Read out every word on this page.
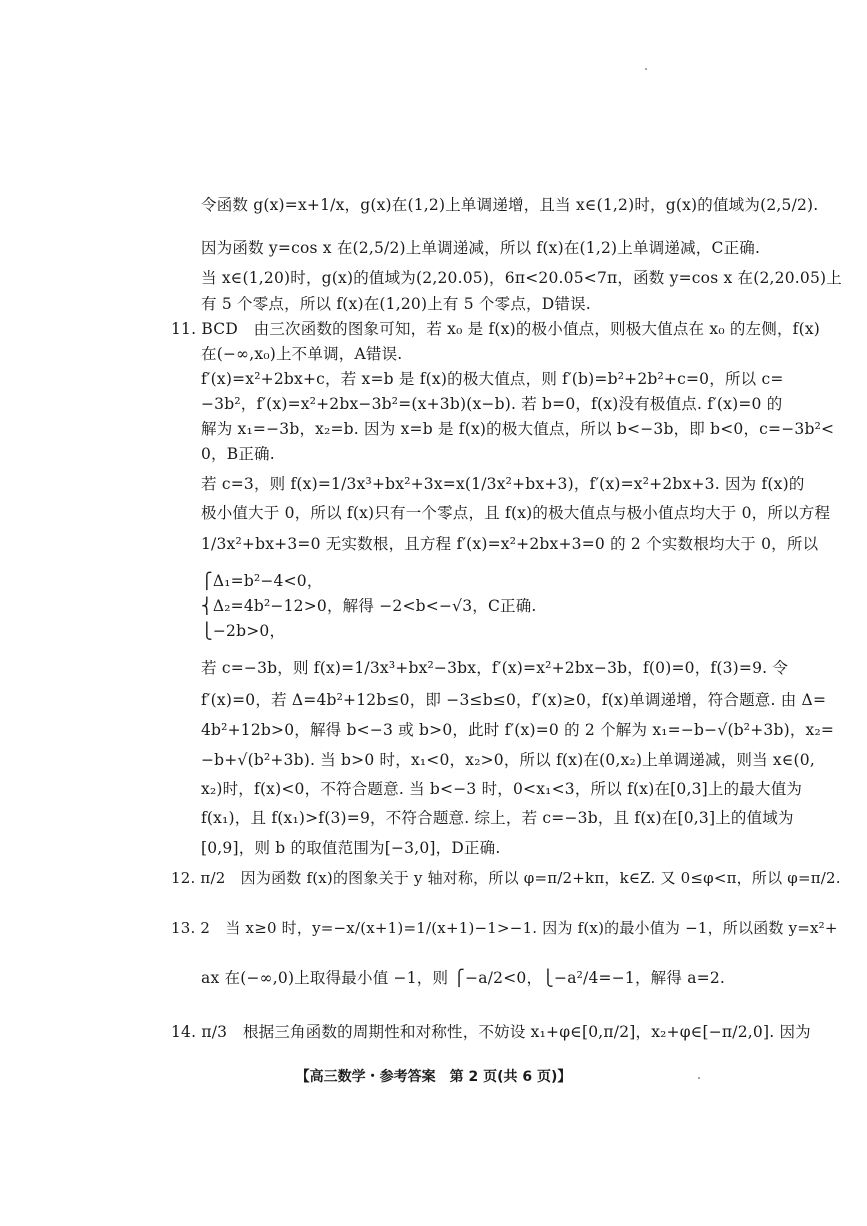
令函数 g(x)=x+1/x，g(x)在(1,2)上单调递增，且当 x∈(1,2)时，g(x)的值域为(2,5/2).
因为函数 y=cos x 在(2,5/2)上单调递减，所以 f(x)在(1,2)上单调递减，C正确.
当 x∈(1,20)时，g(x)的值域为(2,20.05)，6π<20.05<7π，函数 y=cos x 在(2,20.05)上
有 5 个零点，所以 f(x)在(1,20)上有 5 个零点，D错误.
11. BCD　由三次函数的图象可知，若 x₀ 是 f(x)的极小值点，则极大值点在 x₀ 的左侧，f(x)
在(−∞,x₀)上不单调，A错误.
f′(x)=x²+2bx+c，若 x=b 是 f(x)的极大值点，则 f′(b)=b²+2b²+c=0，所以 c=
−3b²，f′(x)=x²+2bx−3b²=(x+3b)(x−b). 若 b=0，f(x)没有极值点. f′(x)=0 的
解为 x₁=−3b，x₂=b. 因为 x=b 是 f(x)的极大值点，所以 b<−3b，即 b<0，c=−3b²<
0，B正确.
若 c=3，则 f(x)=1/3x³+bx²+3x=x(1/3x²+bx+3)，f′(x)=x²+2bx+3. 因为 f(x)的
极小值大于 0，所以 f(x)只有一个零点，且 f(x)的极大值点与极小值点均大于 0，所以方程
1/3x²+bx+3=0 无实数根，且方程 f′(x)=x²+2bx+3=0 的 2 个实数根均大于 0，所以
⎧Δ₁=b²−4<0，
⎨Δ₂=4b²−12>0，解得 −2<b<−√3，C正确.
⎩−2b>0，
若 c=−3b，则 f(x)=1/3x³+bx²−3bx，f′(x)=x²+2bx−3b，f(0)=0，f(3)=9. 令
f′(x)=0，若 Δ=4b²+12b≤0，即 −3≤b≤0，f′(x)≥0，f(x)单调递增，符合题意. 由 Δ=
4b²+12b>0，解得 b<−3 或 b>0，此时 f′(x)=0 的 2 个解为 x₁=−b−√(b²+3b)，x₂=
−b+√(b²+3b). 当 b>0 时，x₁<0，x₂>0，所以 f(x)在(0,x₂)上单调递减，则当 x∈(0,
x₂)时，f(x)<0，不符合题意. 当 b<−3 时，0<x₁<3，所以 f(x)在[0,3]上的最大值为
f(x₁)，且 f(x₁)>f(3)=9，不符合题意. 综上，若 c=−3b，且 f(x)在[0,3]上的值域为
[0,9]，则 b 的取值范围为[−3,0]，D正确.
12. π/2　因为函数 f(x)的图象关于 y 轴对称，所以 φ=π/2+kπ，k∈Z. 又 0≤φ<π，所以 φ=π/2.
13. 2　当 x≥0 时，y=−x/(x+1)=1/(x+1)−1>−1. 因为 f(x)的最小值为 −1，所以函数 y=x²+
ax 在(−∞,0)上取得最小值 −1，则 ⎧−a/2<0，⎩−a²/4=−1，解得 a=2.
14. π/3　根据三角函数的周期性和对称性，不妨设 x₁+φ∈[0,π/2]，x₂+φ∈[−π/2,0]. 因为
【高三数学・参考答案　第 2 页(共 6 页)】
